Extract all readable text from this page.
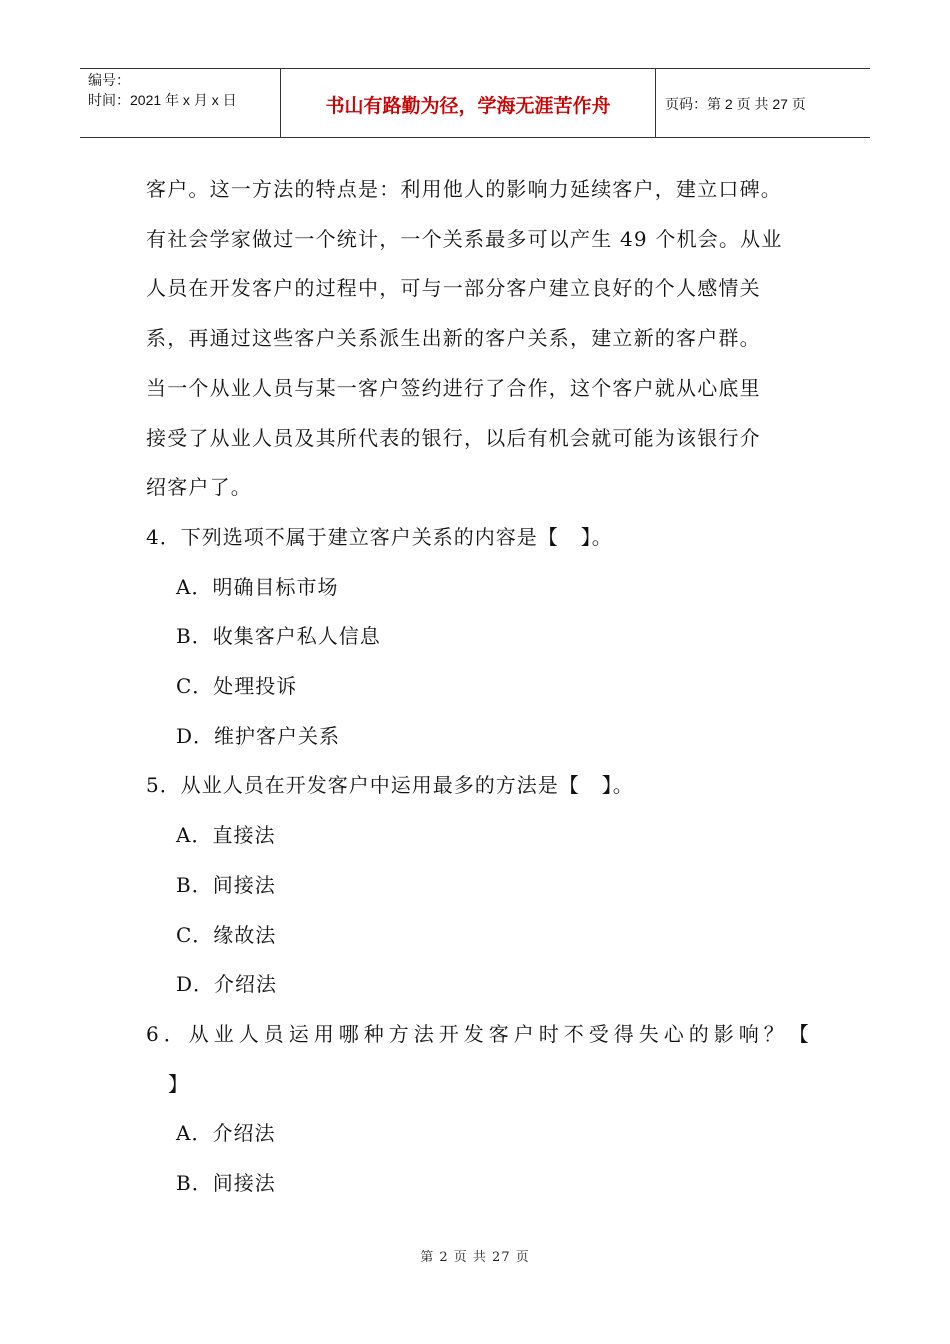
编号：
时间：2021 年 x 月 x 日	书山有路勤为径，学海无涯苦作舟	页码：第 2 页 共 27 页

客户。这一方法的特点是：利用他人的影响力延续客户，建立口碑。

有社会学家做过一个统计，一个关系最多可以产生 49 个机会。从业

人员在开发客户的过程中，可与一部分客户建立良好的个人感情关

系，再通过这些客户关系派生出新的客户关系，建立新的客户群。

当一个从业人员与某一客户签约进行了合作，这个客户就从心底里

接受了从业人员及其所代表的银行，以后有机会就可能为该银行介

绍客户了。

4．下列选项不属于建立客户关系的内容是【 】。

A．明确目标市场

B．收集客户私人信息

C．处理投诉

D．维护客户关系

5．从业人员在开发客户中运用最多的方法是【 】。

A．直接法

B．间接法

C．缘故法

D．介绍法

6．从业人员运用哪种方法开发客户时不受得失心的影响？【

】

A．介绍法

B．间接法

第 2 页 共 27 页
